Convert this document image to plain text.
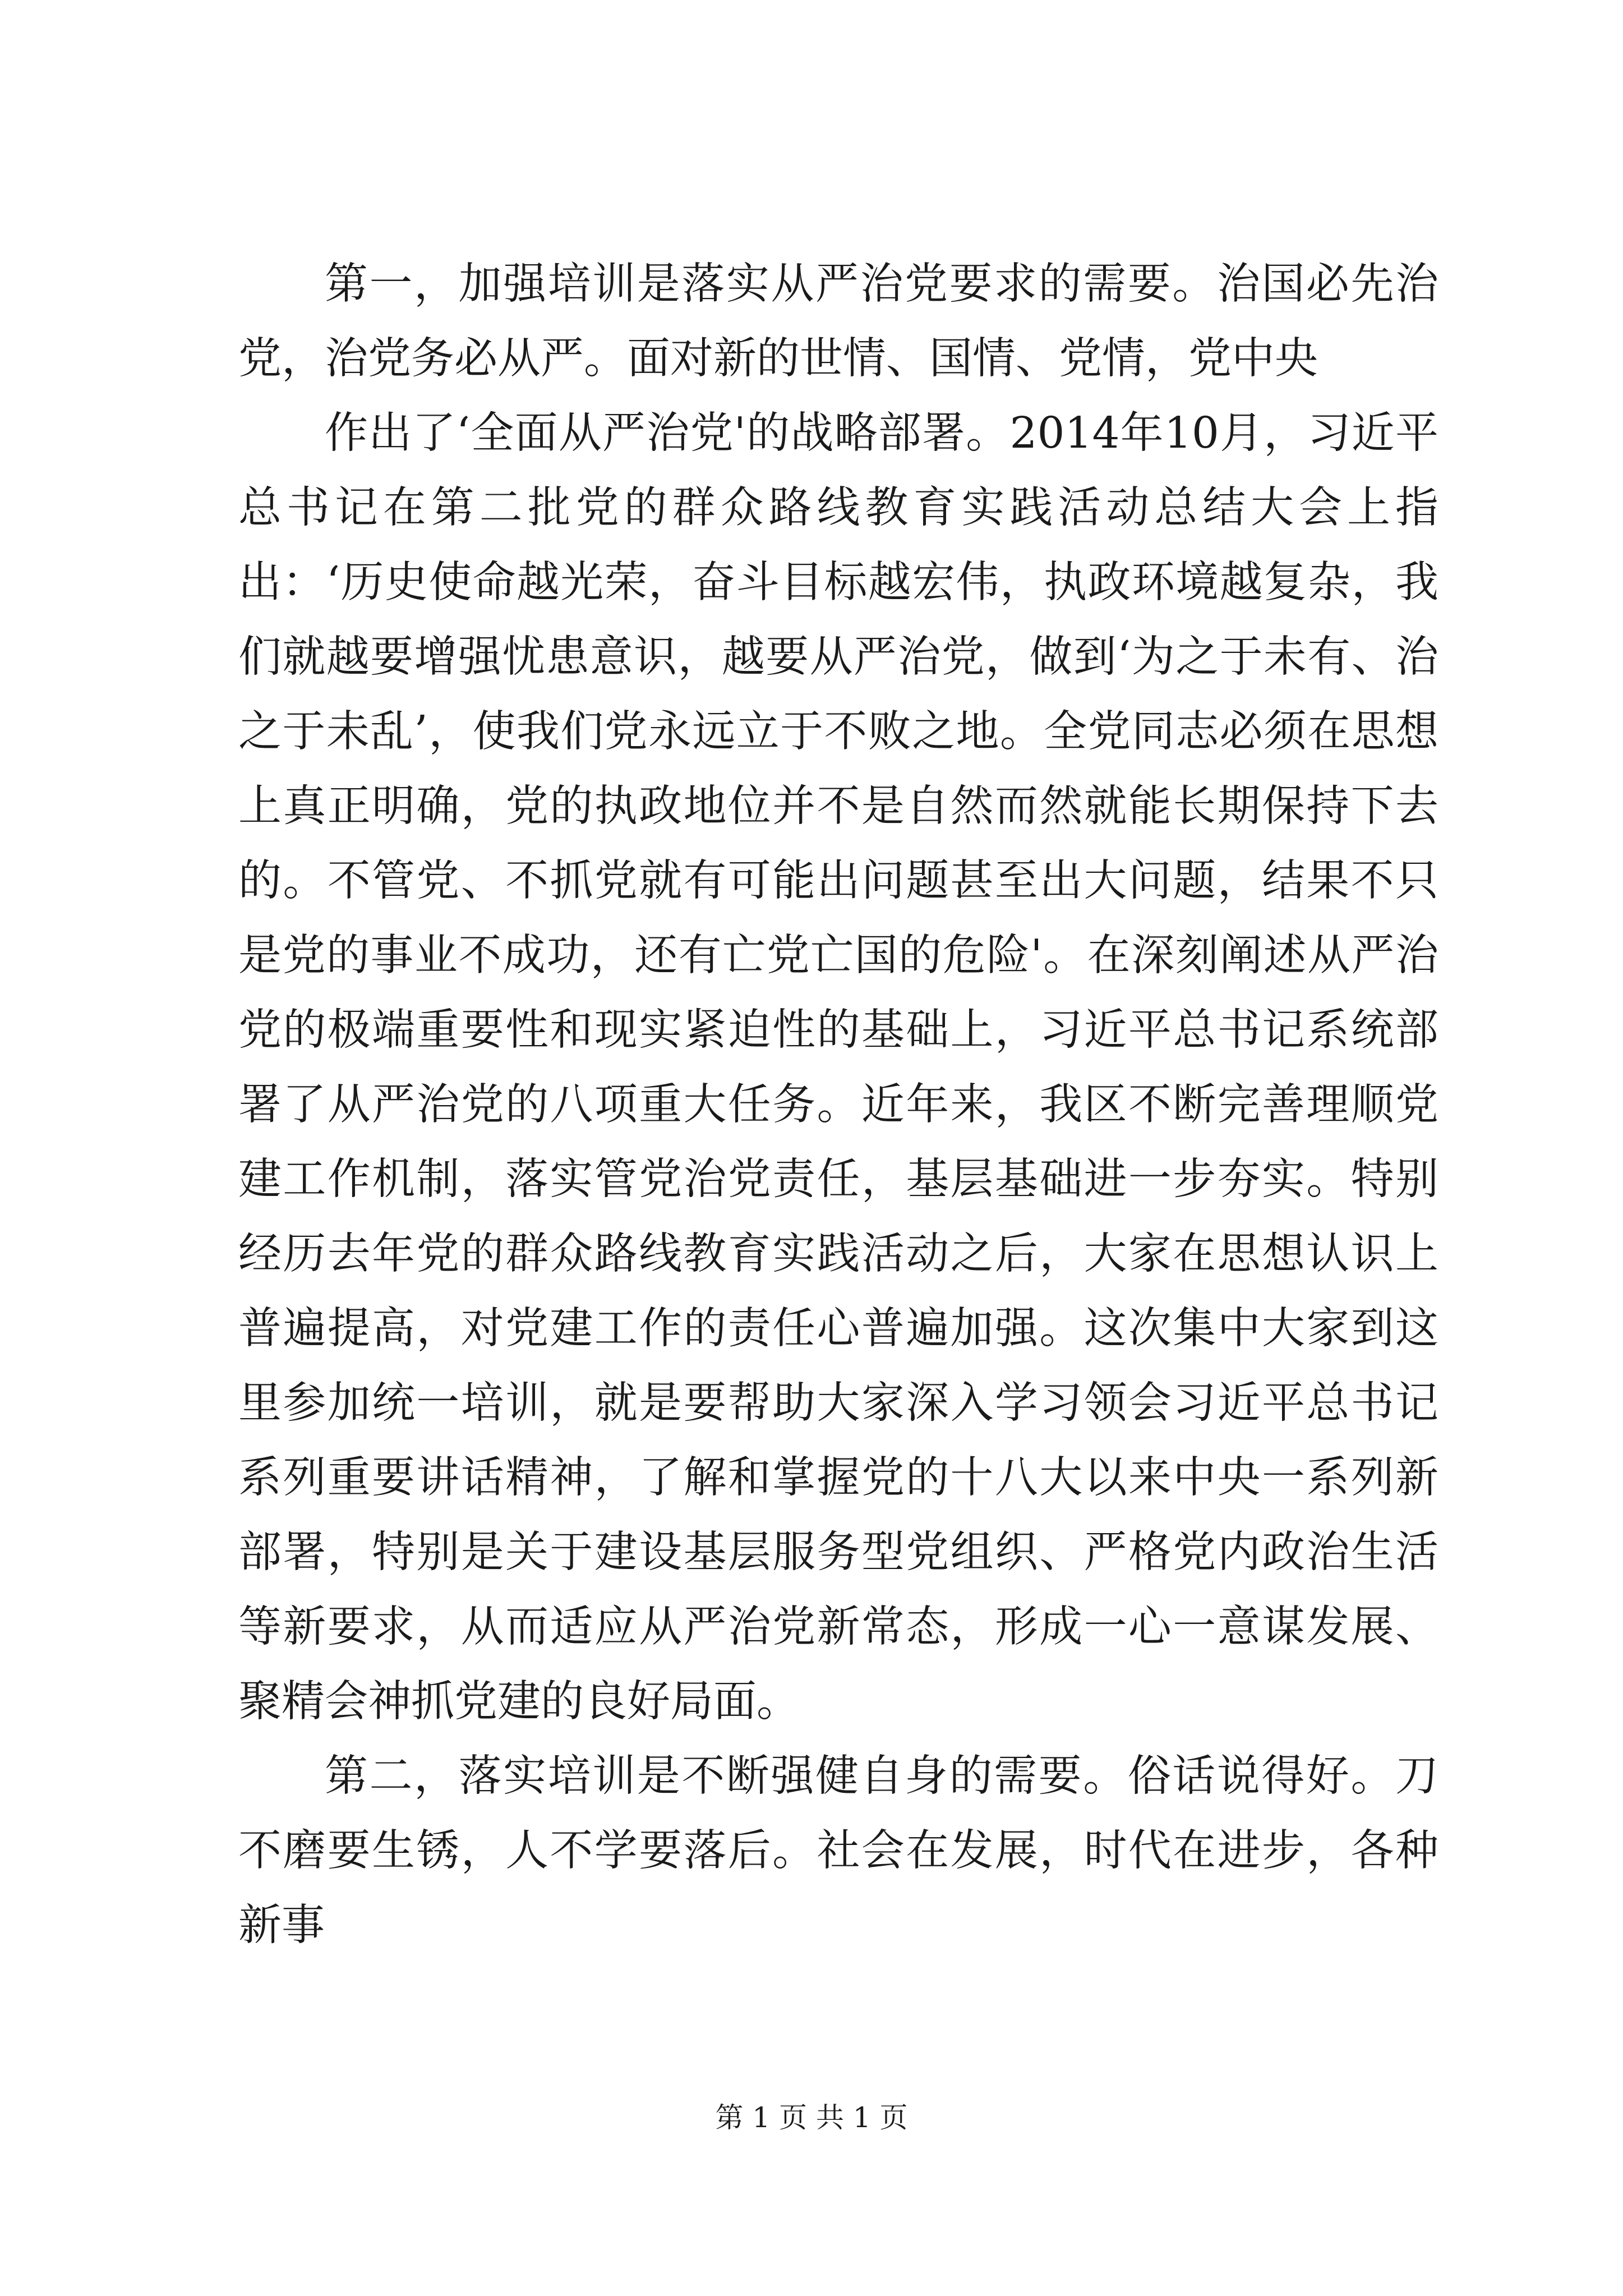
第一，加强培训是落实从严治党要求的需要。治国必先治党，治党务必从严。面对新的世情、国情、党情，党中央

作出了‘全面从严治党'的战略部署。2014年10月，习近平总书记在第二批党的群众路线教育实践活动总结大会上指出：‘历史使命越光荣，奋斗目标越宏伟，执政环境越复杂，我们就越要增强忧患意识，越要从严治党，做到‘为之于未有、治之于未乱’，使我们党永远立于不败之地。全党同志必须在思想上真正明确，党的执政地位并不是自然而然就能长期保持下去的。不管党、不抓党就有可能出问题甚至出大问题，结果不只是党的事业不成功，还有亡党亡国的危险'。在深刻阐述从严治党的极端重要性和现实紧迫性的基础上，习近平总书记系统部署了从严治党的八项重大任务。近年来，我区不断完善理顺党建工作机制，落实管党治党责任，基层基础进一步夯实。特别经历去年党的群众路线教育实践活动之后，大家在思想认识上普遍提高，对党建工作的责任心普遍加强。这次集中大家到这里参加统一培训，就是要帮助大家深入学习领会习近平总书记系列重要讲话精神，了解和掌握党的十八大以来中央一系列新部署，特别是关于建设基层服务型党组织、严格党内政治生活等新要求，从而适应从严治党新常态，形成一心一意谋发展、聚精会神抓党建的良好局面。

第二，落实培训是不断强健自身的需要。俗话说得好。刀不磨要生锈，人不学要落后。社会在发展，时代在进步，各种新事

第 1 页 共 1 页
